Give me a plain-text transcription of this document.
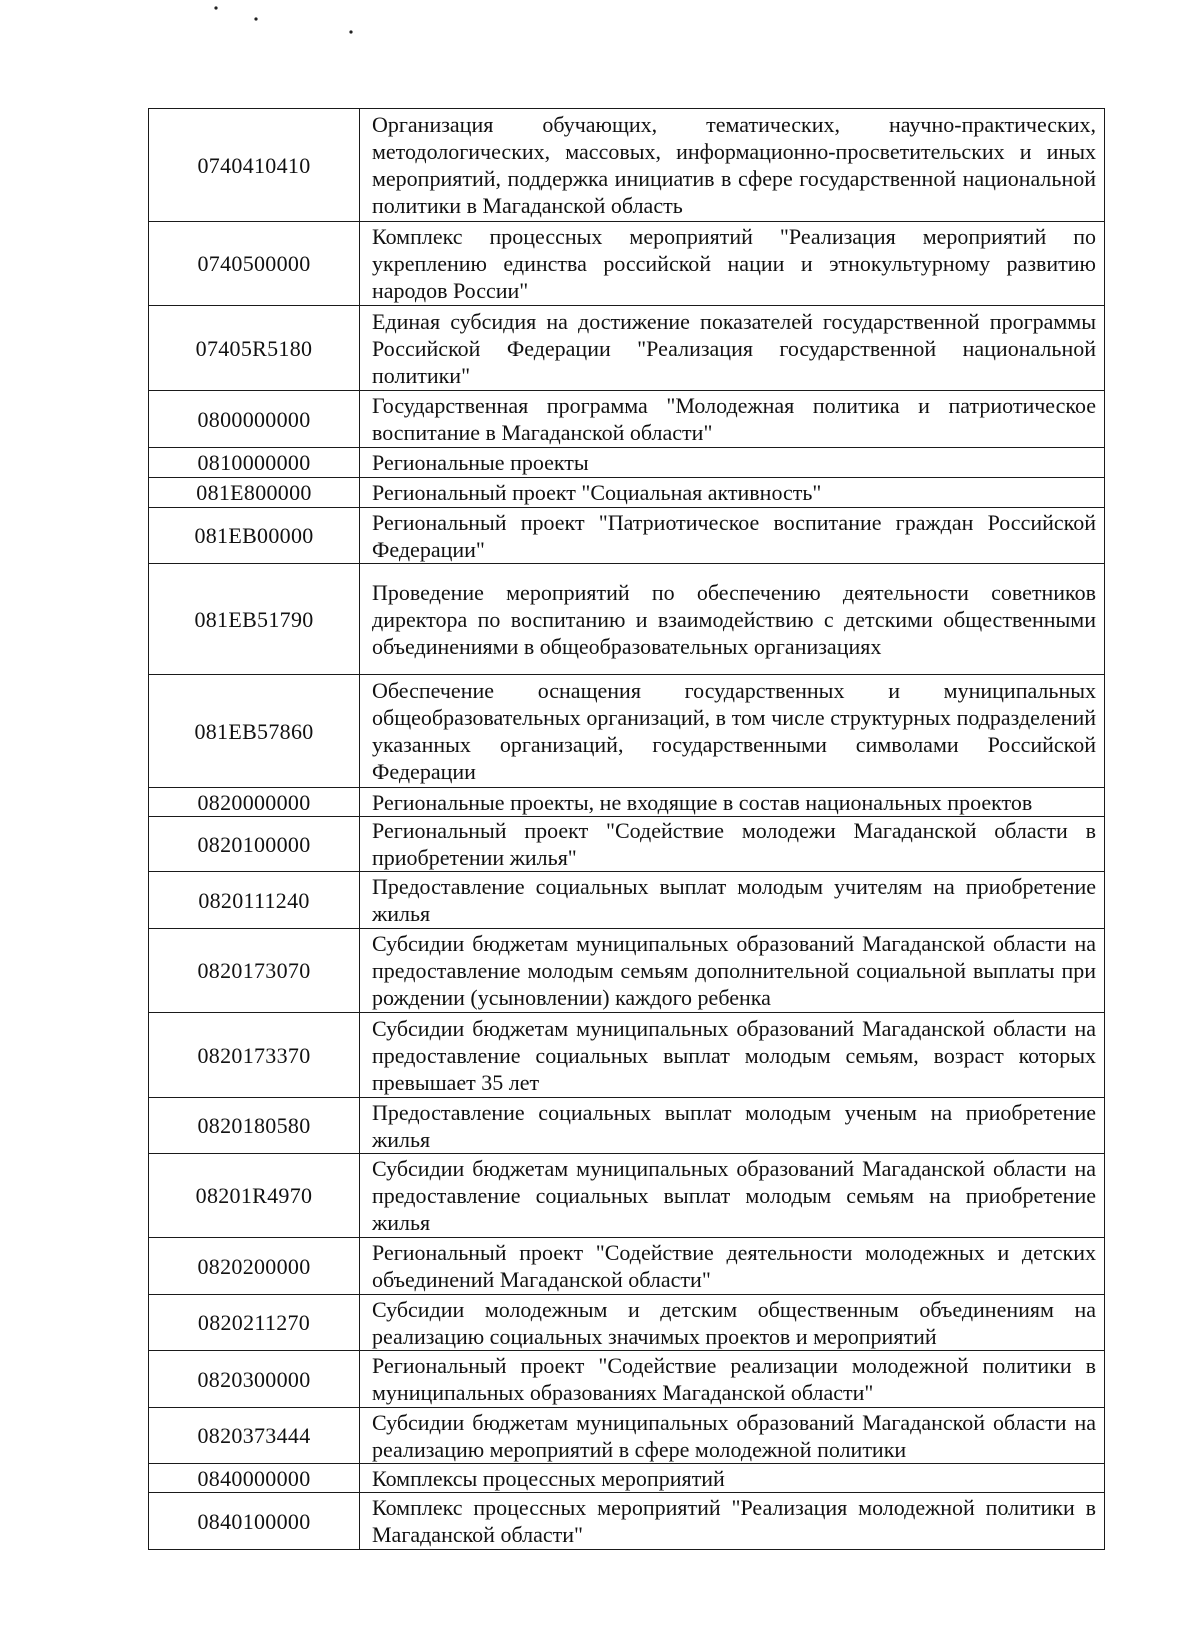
0740410410	Организация обучающих, тематических, научно-практических, методологических, массовых, информационно-просветительских и иных мероприятий, поддержка инициатив в сфере государственной национальной политики в Магаданской область
0740500000	Комплекс процессных мероприятий "Реализация мероприятий по укреплению единства российской нации и этнокультурному развитию народов России"
07405R5180	Единая субсидия на достижение показателей государственной программы Российской Федерации "Реализация государственной национальной политики"
0800000000	Государственная программа "Молодежная политика и патриотическое воспитание в Магаданской области"
0810000000	Региональные проекты
081E800000	Региональный проект "Социальная активность"
081EB00000	Региональный проект "Патриотическое воспитание граждан Российской Федерации"
081EB51790	Проведение мероприятий по обеспечению деятельности советников директора по воспитанию и взаимодействию с детскими общественными объединениями в общеобразовательных организациях
081EB57860	Обеспечение оснащения государственных и муниципальных общеобразовательных организаций, в том числе структурных подразделений указанных организаций, государственными символами Российской Федерации
0820000000	Региональные проекты, не входящие в состав национальных проектов
0820100000	Региональный проект "Содействие молодежи Магаданской области в приобретении жилья"
0820111240	Предоставление социальных выплат молодым учителям на приобретение жилья
0820173070	Субсидии бюджетам муниципальных образований Магаданской области на предоставление молодым семьям дополнительной социальной выплаты при рождении (усыновлении) каждого ребенка
0820173370	Субсидии бюджетам муниципальных образований Магаданской области на предоставление социальных выплат молодым семьям, возраст которых превышает 35 лет
0820180580	Предоставление социальных выплат молодым ученым на приобретение жилья
08201R4970	Субсидии бюджетам муниципальных образований Магаданской области на предоставление социальных выплат молодым семьям на приобретение жилья
0820200000	Региональный проект "Содействие деятельности молодежных и детских объединений Магаданской области"
0820211270	Субсидии молодежным и детским общественным объединениям на реализацию социальных значимых проектов и мероприятий
0820300000	Региональный проект "Содействие реализации молодежной политики в муниципальных образованиях Магаданской области"
0820373444	Субсидии бюджетам муниципальных образований Магаданской области на реализацию мероприятий в сфере молодежной политики
0840000000	Комплексы процессных мероприятий
0840100000	Комплекс процессных мероприятий "Реализация молодежной политики в Магаданской области"
